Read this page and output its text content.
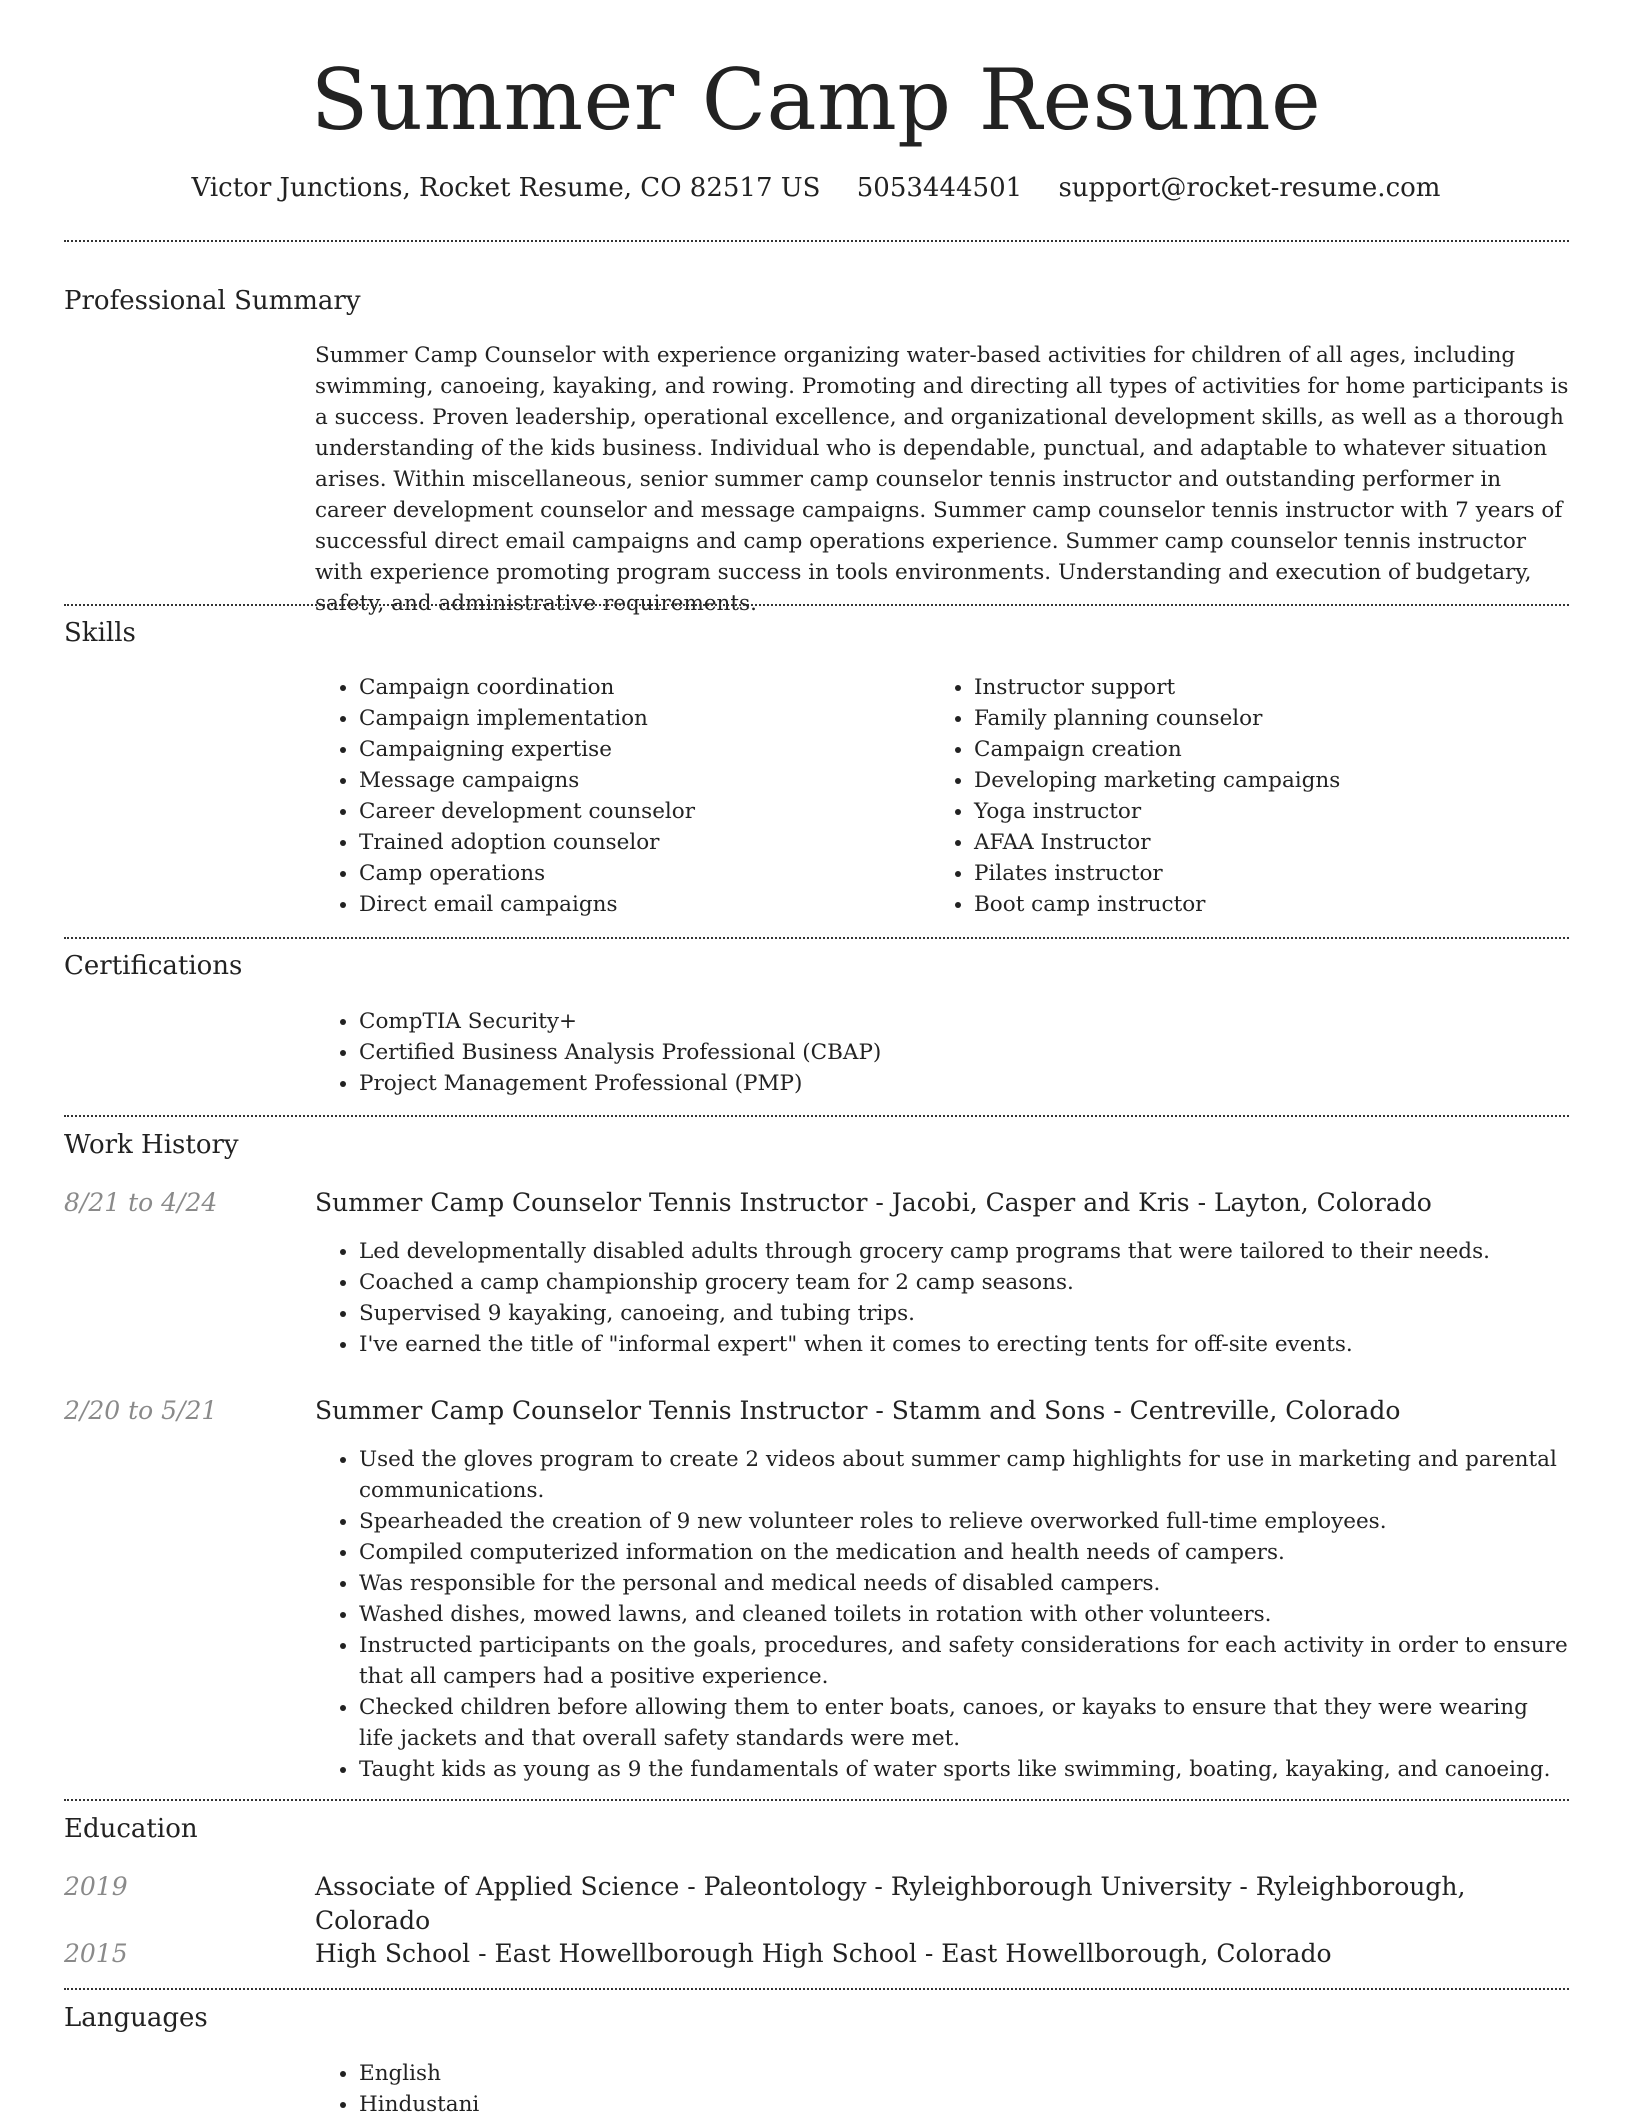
Summer Camp Resume
Victor Junctions, Rocket Resume, CO 82517 US 5053444501 support@rocket-resume.com
Professional Summary

Summer Camp Counselor with experience organizing water-based activities for children of all ages, including swimming, canoeing, kayaking, and rowing. Promoting and directing all types of activities for home participants is a success. Proven leadership, operational excellence, and organizational development skills, as well as a thorough understanding of the kids business. Individual who is dependable, punctual, and adaptable to whatever situation arises. Within miscellaneous, senior summer camp counselor tennis instructor and outstanding performer in career development counselor and message campaigns. Summer camp counselor tennis instructor with 7 years of successful direct email campaigns and camp operations experience. Summer camp counselor tennis instructor with experience promoting program success in tools environments. Understanding and execution of budgetary, safety, and administrative requirements.

Skills
• Campaign coordination
• Campaign implementation
• Campaigning expertise
• Message campaigns
• Career development counselor
• Trained adoption counselor
• Camp operations
• Direct email campaigns
• Instructor support
• Family planning counselor
• Campaign creation
• Developing marketing campaigns
• Yoga instructor
• AFAA Instructor
• Pilates instructor
• Boot camp instructor
Certifications
• CompTIA Security+
• Certified Business Analysis Professional (CBAP)
• Project Management Professional (PMP)
Work History
8/21 to 4/24	Summer Camp Counselor Tennis Instructor - Jacobi, Casper and Kris - Layton, Colorado
• Led developmentally disabled adults through grocery camp programs that were tailored to their needs.
• Coached a camp championship grocery team for 2 camp seasons.
• Supervised 9 kayaking, canoeing, and tubing trips.
• I've earned the title of "informal expert" when it comes to erecting tents for off-site events.
2/20 to 5/21	Summer Camp Counselor Tennis Instructor - Stamm and Sons - Centreville, Colorado
• Used the gloves program to create 2 videos about summer camp highlights for use in marketing and parental communications.
• Spearheaded the creation of 9 new volunteer roles to relieve overworked full-time employees.
• Compiled computerized information on the medication and health needs of campers.
• Was responsible for the personal and medical needs of disabled campers.
• Washed dishes, mowed lawns, and cleaned toilets in rotation with other volunteers.
• Instructed participants on the goals, procedures, and safety considerations for each activity in order to ensure that all campers had a positive experience.
• Checked children before allowing them to enter boats, canoes, or kayaks to ensure that they were wearing life jackets and that overall safety standards were met.
• Taught kids as young as 9 the fundamentals of water sports like swimming, boating, kayaking, and canoeing.
Education
2019	Associate of Applied Science - Paleontology - Ryleighborough University - Ryleighborough, Colorado
2015	High School - East Howellborough High School - East Howellborough, Colorado
Languages
• English
• Hindustani
